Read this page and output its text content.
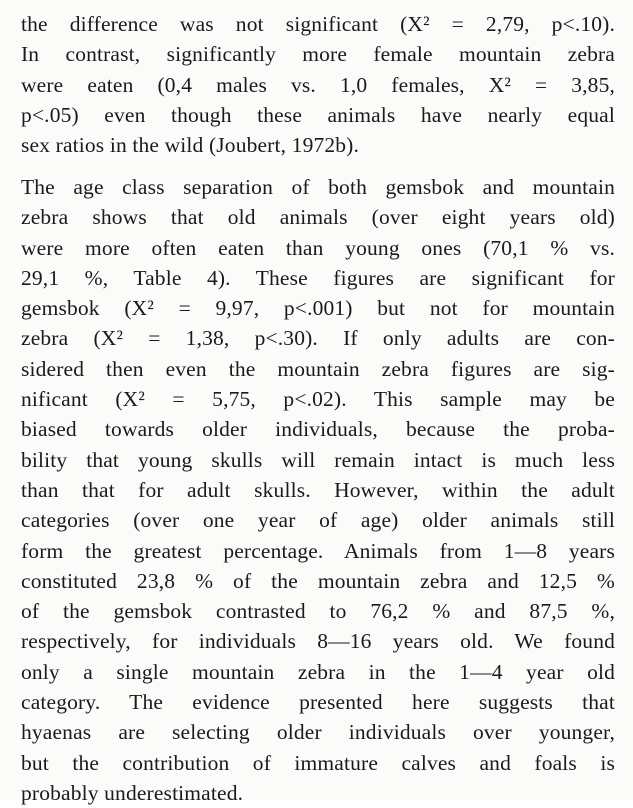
the difference was not significant (X² = 2,79, p<.10).
In contrast, significantly more female mountain zebra
were eaten (0,4 males vs. 1,0 females, X² = 3,85,
p<.05) even though these animals have nearly equal
sex ratios in the wild (Joubert, 1972b).
The age class separation of both gemsbok and mountain
zebra shows that old animals (over eight years old)
were more often eaten than young ones (70,1 % vs.
29,1 %, Table 4). These figures are significant for
gemsbok (X² = 9,97, p<.001) but not for mountain
zebra (X² = 1,38, p<.30). If only adults are con-
sidered then even the mountain zebra figures are sig-
nificant (X² = 5,75, p<.02). This sample may be
biased towards older individuals, because the proba-
bility that young skulls will remain intact is much less
than that for adult skulls. However, within the adult
categories (over one year of age) older animals still
form the greatest percentage. Animals from 1—8 years
constituted 23,8 % of the mountain zebra and 12,5 %
of the gemsbok contrasted to 76,2 % and 87,5 %,
respectively, for individuals 8—16 years old. We found
only a single mountain zebra in the 1—4 year old
category. The evidence presented here suggests that
hyaenas are selecting older individuals over younger,
but the contribution of immature calves and foals is
probably underestimated.
